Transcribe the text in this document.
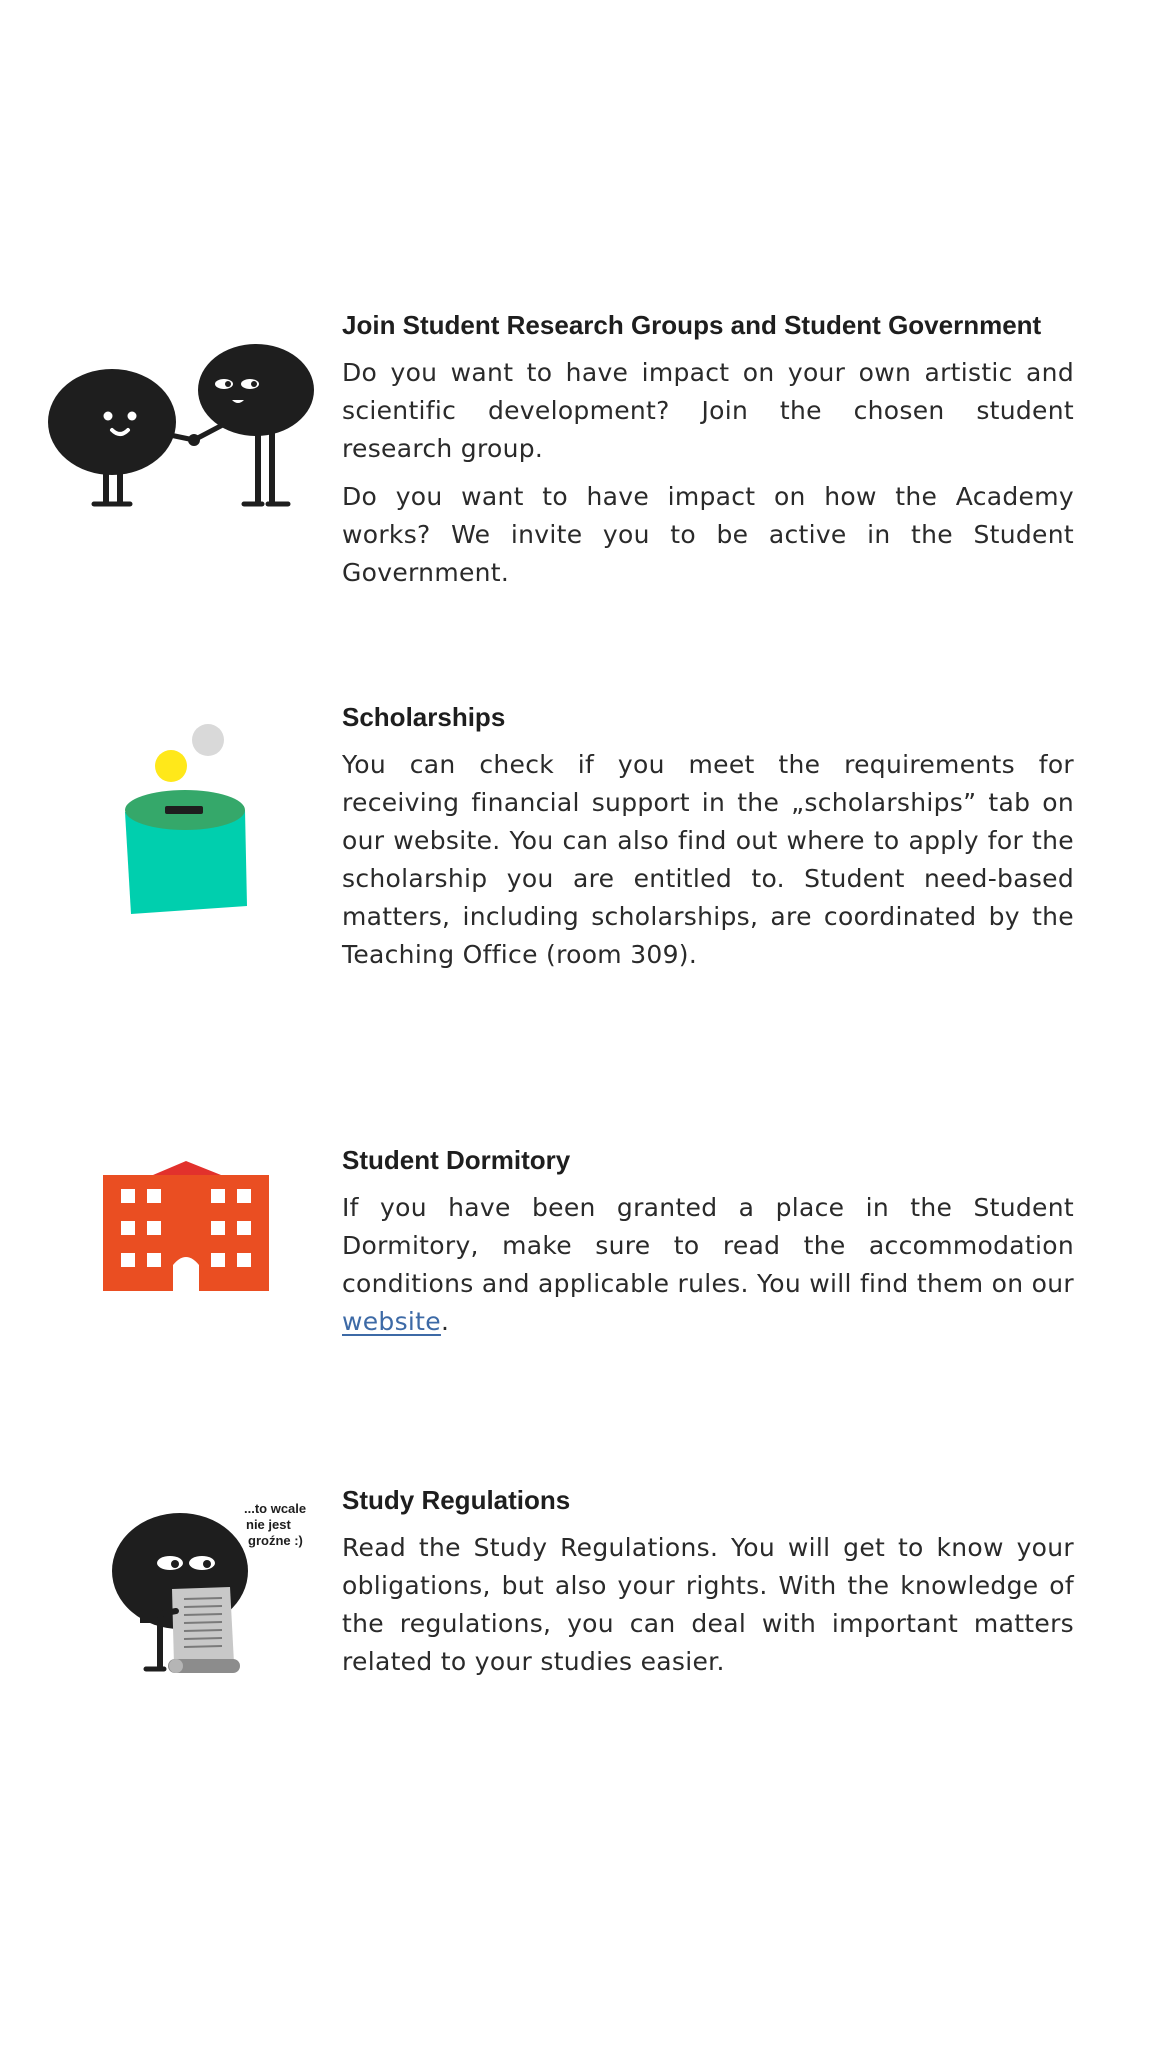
Join Student Research Groups and Student Government

Do you want to have impact on your own artistic and scientific development? Join the chosen student research group.

Do you want to have impact on how the Academy works? We invite you to be active in the Student Government.

Scholarships

You can check if you meet the requirements for receiving financial support in the „scholarships” tab on our website. You can also find out where to apply for the scholarship you are entitled to. Student need-based matters, including scholarships, are coordinated by the Teaching Office (room 309).

Student Dormitory

If you have been granted a place in the Student Dormitory, make sure to read the accommodation conditions and applicable rules. You will find them on our website.

...to wcale
nie jest
groźne :)
Study Regulations

Read the Study Regulations. You will get to know your obligations, but also your rights. With the knowledge of the regulations, you can deal with important matters related to your studies easier.
